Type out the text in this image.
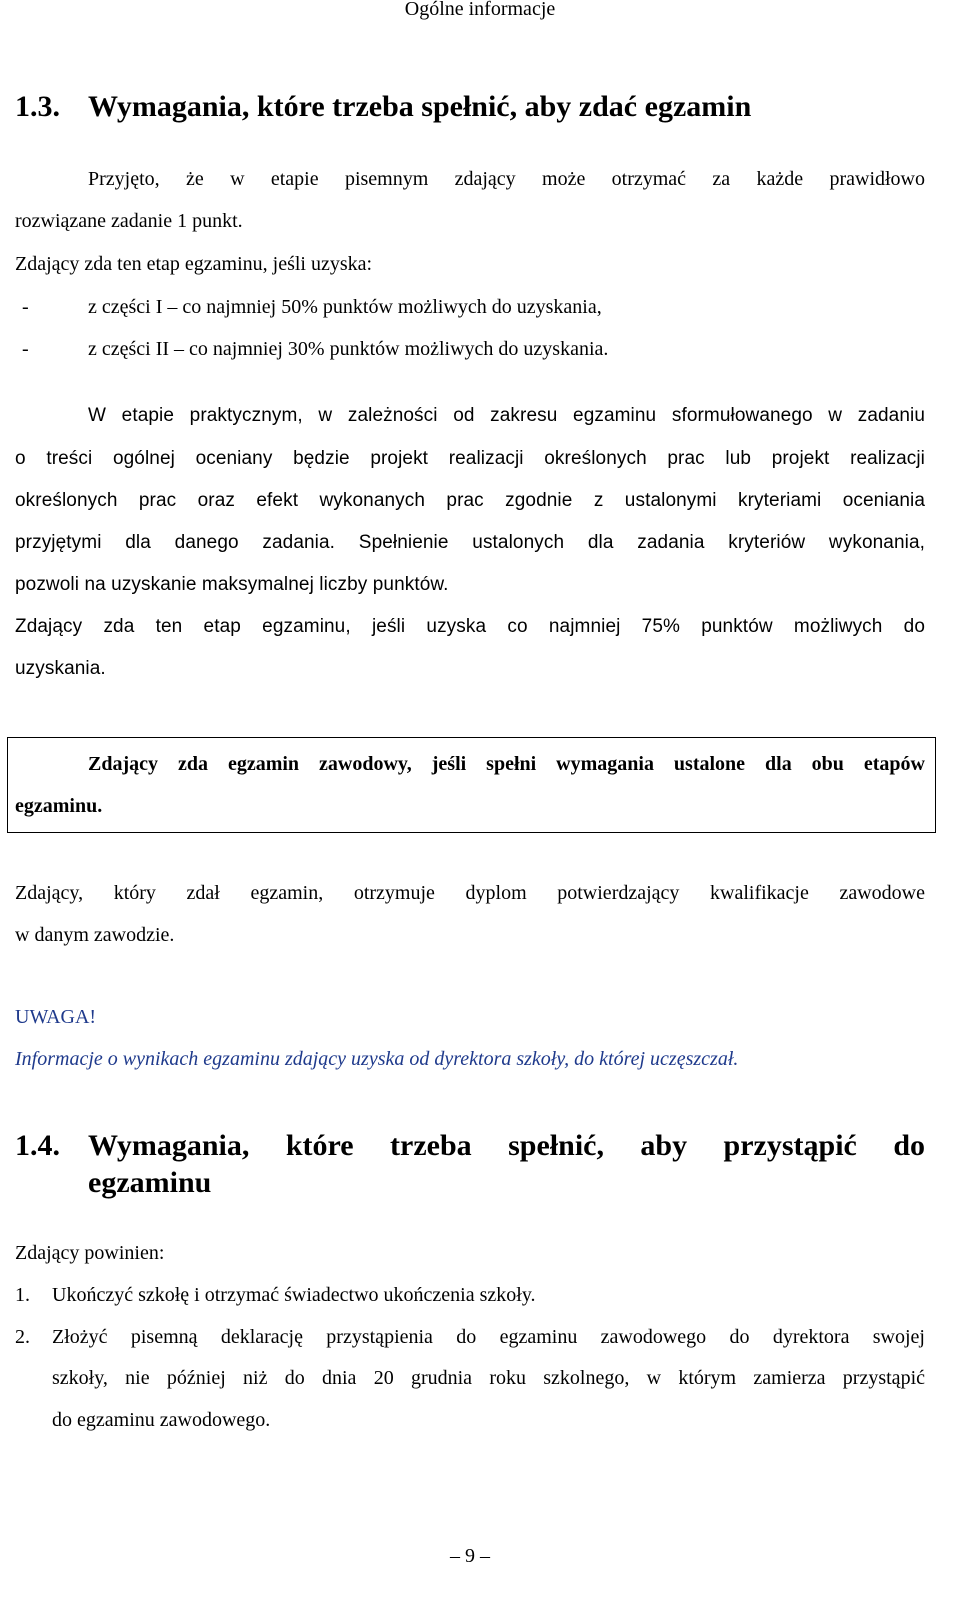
Ogólne informacje
1.3. Wymagania, które trzeba spełnić, aby zdać egzamin
Przyjęto, że w etapie pisemnym zdający może otrzymać za każde prawidłowo
rozwiązane zadanie 1 punkt.
Zdający zda ten etap egzaminu, jeśli uzyska:
-	z części I – co najmniej 50% punktów możliwych do uzyskania,
-	z części II – co najmniej 30% punktów możliwych do uzyskania.
W etapie praktycznym, w zależności od zakresu egzaminu sformułowanego w zadaniu
o treści ogólnej oceniany będzie projekt realizacji określonych prac lub projekt realizacji
określonych prac oraz efekt wykonanych prac zgodnie z ustalonymi kryteriami oceniania
przyjętymi dla danego zadania. Spełnienie ustalonych dla zadania kryteriów wykonania,
pozwoli na uzyskanie maksymalnej liczby punktów.
Zdający zda ten etap egzaminu, jeśli uzyska co najmniej 75% punktów możliwych do
uzyskania.
Zdający zda egzamin zawodowy, jeśli spełni wymagania ustalone dla obu etapów
egzaminu.
Zdający, który zdał egzamin, otrzymuje dyplom potwierdzający kwalifikacje zawodowe
w danym zawodzie.
UWAGA!
Informacje o wynikach egzaminu zdający uzyska od dyrektora szkoły, do której uczęszczał.
1.4. Wymagania, które trzeba spełnić, aby przystąpić do
egzaminu
Zdający powinien:
1. Ukończyć szkołę i otrzymać świadectwo ukończenia szkoły.
2. Złożyć pisemną deklarację przystąpienia do egzaminu zawodowego do dyrektora swojej
szkoły, nie później niż do dnia 20 grudnia roku szkolnego, w którym zamierza przystąpić
do egzaminu zawodowego.
– 9 –
